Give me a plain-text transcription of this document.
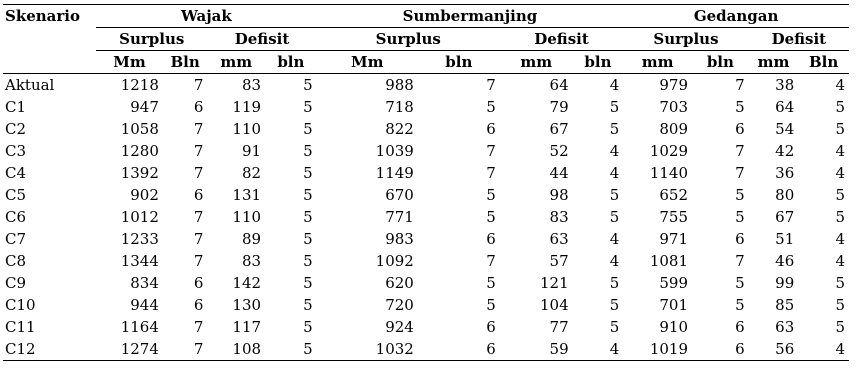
Skenario	Wajak				Sumbermanjing				Gedangan			
	Surplus		Defisit		Surplus		Defisit		Surplus		Defisit	
	Mm	Bln	mm	bln	Mm	bln	mm	bln	mm	bln	mm	Bln
Aktual	1218	7	83	5	988	7	64	4	979	7	38	4
C1	947	6	119	5	718	5	79	5	703	5	64	5
C2	1058	7	110	5	822	6	67	5	809	6	54	5
C3	1280	7	91	5	1039	7	52	4	1029	7	42	4
C4	1392	7	82	5	1149	7	44	4	1140	7	36	4
C5	902	6	131	5	670	5	98	5	652	5	80	5
C6	1012	7	110	5	771	5	83	5	755	5	67	5
C7	1233	7	89	5	983	6	63	4	971	6	51	4
C8	1344	7	83	5	1092	7	57	4	1081	7	46	4
C9	834	6	142	5	620	5	121	5	599	5	99	5
C10	944	6	130	5	720	5	104	5	701	5	85	5
C11	1164	7	117	5	924	6	77	5	910	6	63	5
C12	1274	7	108	5	1032	6	59	4	1019	6	56	4
